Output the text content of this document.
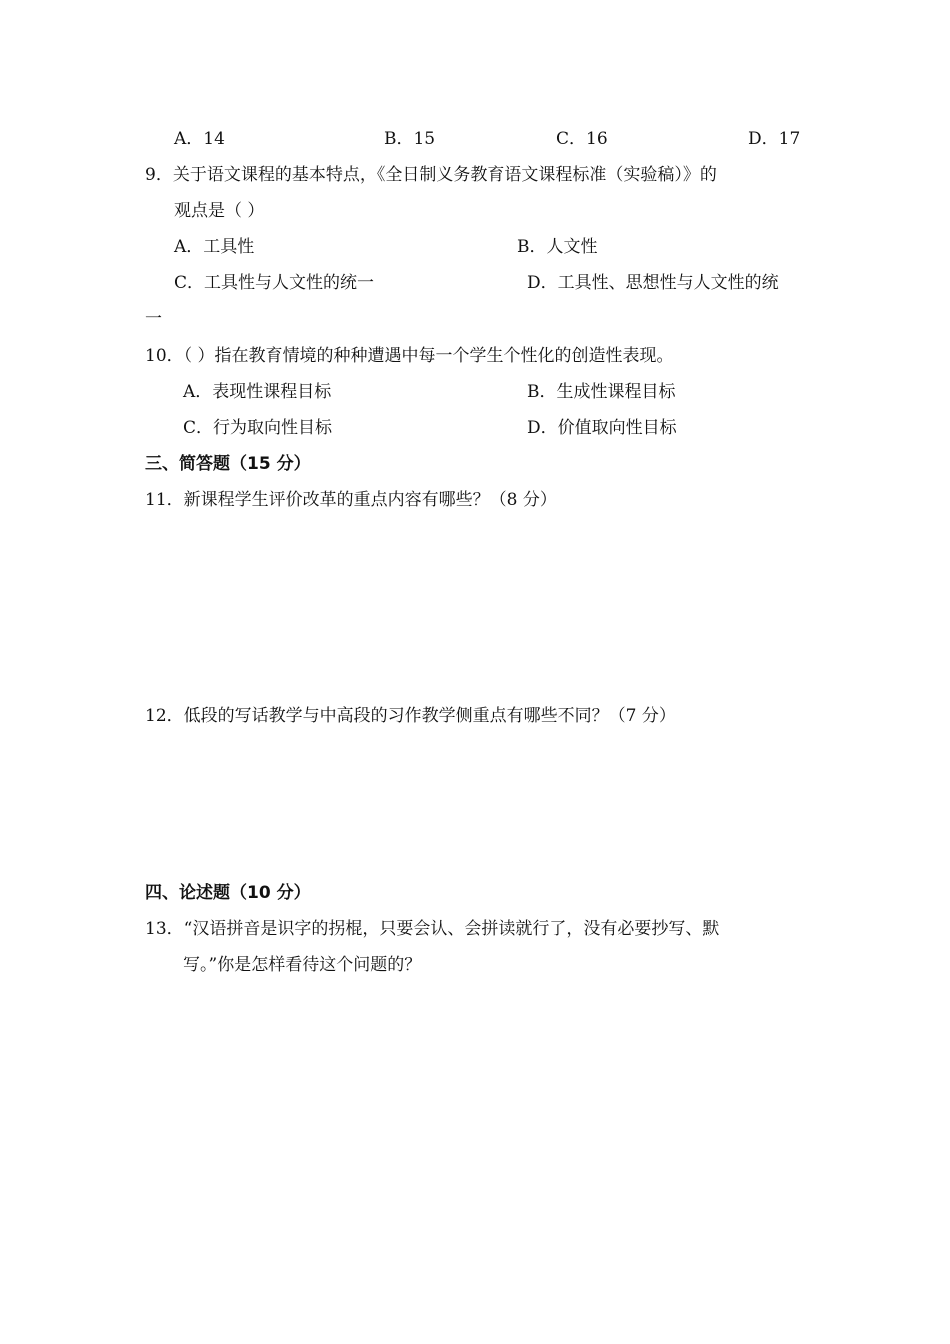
A．14	B．15	C．16	D．17
9．关于语文课程的基本特点，《全日制义务教育语文课程标准（实验稿）》的
观点是（ ）
A．工具性	B．人文性
C．工具性与人文性的统一	D．工具性、思想性与人文性的统
一
10．（ ）指在教育情境的种种遭遇中每一个学生个性化的创造性表现。
A．表现性课程目标	B．生成性课程目标
C．行为取向性目标	D．价值取向性目标
三、简答题（15 分）
11．新课程学生评价改革的重点内容有哪些？（8 分）
12．低段的写话教学与中高段的习作教学侧重点有哪些不同？（7 分）
四、论述题（10 分）
13．“汉语拼音是识字的拐棍，只要会认、会拼读就行了，没有必要抄写、默
写。”你是怎样看待这个问题的？
